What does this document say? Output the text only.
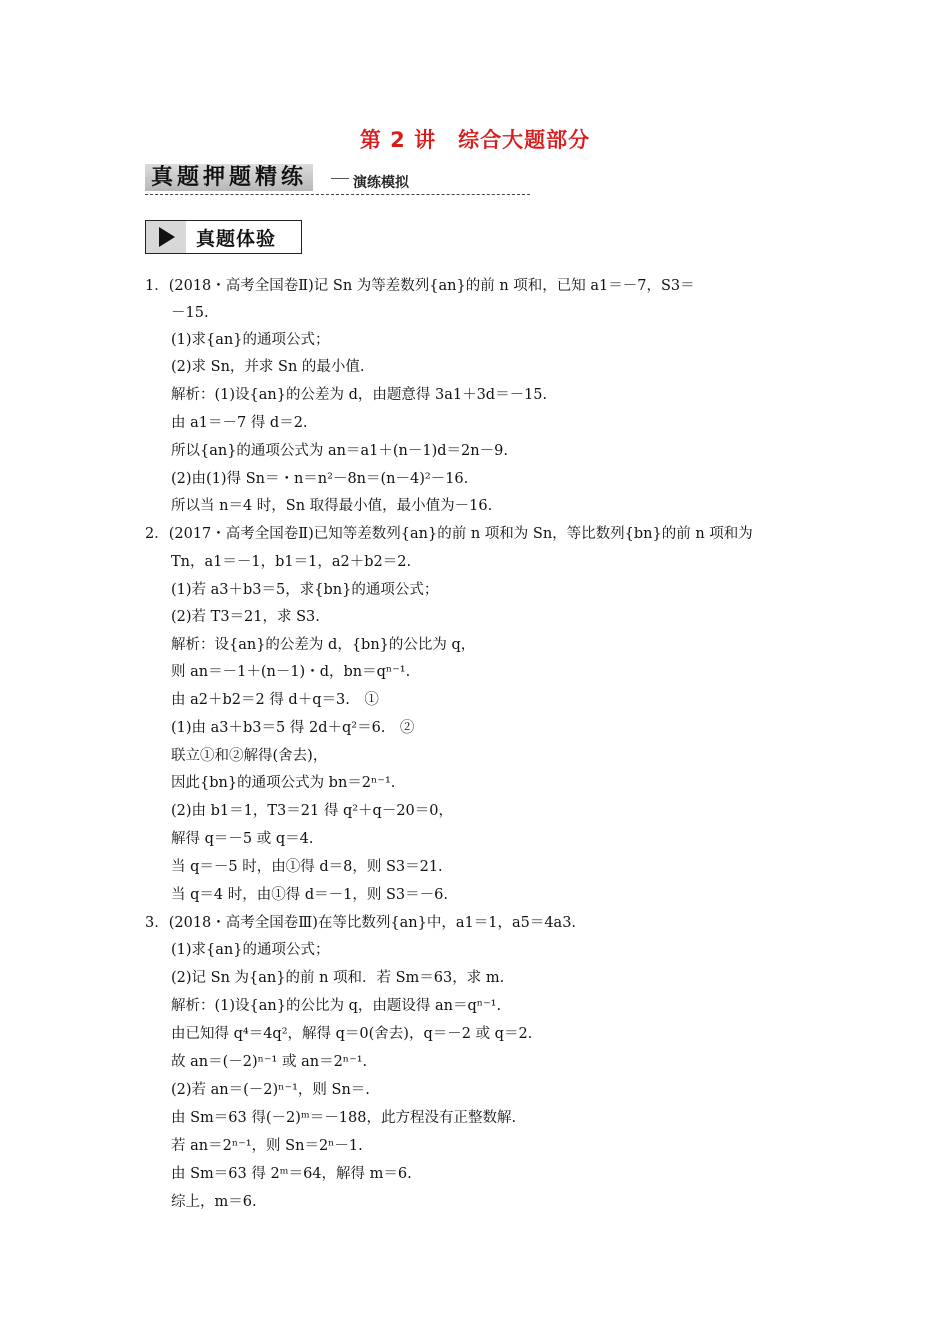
第 2 讲　综合大题部分
真题押题精练	演练模拟
真题体验
1．(2018・高考全国卷Ⅱ)记 Sn 为等差数列{an}的前 n 项和，已知 a1＝－7，S3＝
－15.
(1)求{an}的通项公式；
(2)求 Sn，并求 Sn 的最小值.
解析：(1)设{an}的公差为 d，由题意得 3a1＋3d＝－15.
由 a1＝－7 得 d＝2.
所以{an}的通项公式为 an＝a1＋(n－1)d＝2n－9.
(2)由(1)得 Sn＝・n＝n²－8n＝(n－4)²－16.
所以当 n＝4 时，Sn 取得最小值，最小值为－16.
2．(2017・高考全国卷Ⅱ)已知等差数列{an}的前 n 项和为 Sn，等比数列{bn}的前 n 项和为
Tn，a1＝－1，b1＝1，a2＋b2＝2.
(1)若 a3＋b3＝5，求{bn}的通项公式；
(2)若 T3＝21，求 S3.
解析：设{an}的公差为 d，{bn}的公比为 q，
则 an＝－1＋(n－1)・d，bn＝qⁿ⁻¹.
由 a2＋b2＝2 得 d＋q＝3.　①
(1)由 a3＋b3＝5 得 2d＋q²＝6.　②
联立①和②解得(舍去)，
因此{bn}的通项公式为 bn＝2ⁿ⁻¹.
(2)由 b1＝1，T3＝21 得 q²＋q－20＝0，
解得 q＝－5 或 q＝4.
当 q＝－5 时，由①得 d＝8，则 S3＝21.
当 q＝4 时，由①得 d＝－1，则 S3＝－6.
3．(2018・高考全国卷Ⅲ)在等比数列{an}中，a1＝1，a5＝4a3.
(1)求{an}的通项公式；
(2)记 Sn 为{an}的前 n 项和．若 Sm＝63，求 m.
解析：(1)设{an}的公比为 q，由题设得 an＝qⁿ⁻¹.
由已知得 q⁴＝4q²，解得 q＝0(舍去)，q＝－2 或 q＝2.
故 an＝(－2)ⁿ⁻¹ 或 an＝2ⁿ⁻¹.
(2)若 an＝(－2)ⁿ⁻¹，则 Sn＝.
由 Sm＝63 得(－2)ᵐ＝－188，此方程没有正整数解.
若 an＝2ⁿ⁻¹，则 Sn＝2ⁿ－1.
由 Sm＝63 得 2ᵐ＝64，解得 m＝6.
综上，m＝6.
